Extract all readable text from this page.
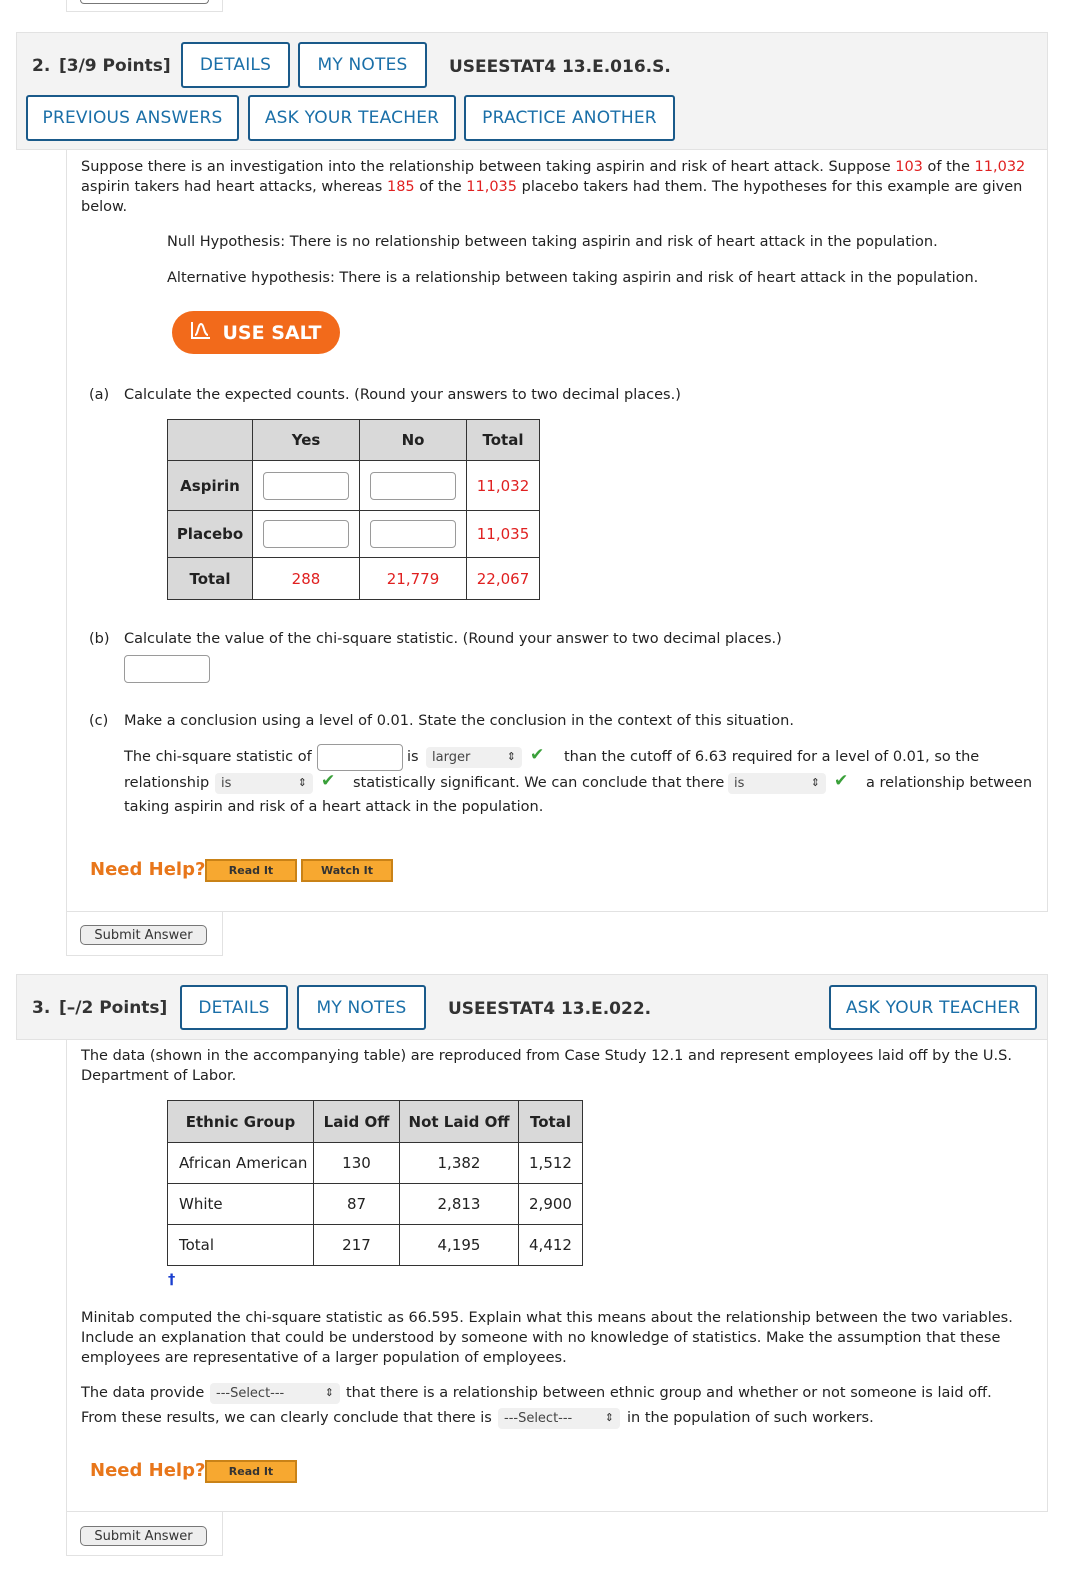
2. [3/9 Points]	DETAILS	MY NOTES	USEESTAT4 13.E.016.S.
PREVIOUS ANSWERS	ASK YOUR TEACHER	PRACTICE ANOTHER
Suppose there is an investigation into the relationship between taking aspirin and risk of heart attack. Suppose 103 of the 11,032
aspirin takers had heart attacks, whereas 185 of the 11,035 placebo takers had them. The hypotheses for this example are given
below.
Null Hypothesis: There is no relationship between taking aspirin and risk of heart attack in the population.
Alternative hypothesis: There is a relationship between taking aspirin and risk of heart attack in the population.
USE SALT
(a) Calculate the expected counts. (Round your answers to two decimal places.)
	Yes	No	Total
Aspirin			11,032
Placebo			11,035
Total	288	21,779	22,067
(b) Calculate the value of the chi-square statistic. (Round your answer to two decimal places.)
(c) Make a conclusion using a level of 0.01. State the conclusion in the context of this situation.
The chi-square statistic of	is larger	⇕ ✔ than the cutoff of 6.63 required for a level of 0.01, so the
relationship is	⇕ ✔ statistically significant. We can conclude that there is	⇕ ✔ a relationship between
taking aspirin and risk of a heart attack in the population.
Need Help?	Read It	Watch It
Submit Answer
3. [–/2 Points]	DETAILS	MY NOTES	USEESTAT4 13.E.022.	ASK YOUR TEACHER
The data (shown in the accompanying table) are reproduced from Case Study 12.1 and represent employees laid off by the U.S.
Department of Labor.
Ethnic Group	Laid Off	Not Laid Off	Total
African American	130	1,382	1,512
White	87	2,813	2,900
Total	217	4,195	4,412
†
Minitab computed the chi-square statistic as 66.595. Explain what this means about the relationship between the two variables.
Include an explanation that could be understood by someone with no knowledge of statistics. Make the assumption that these
employees are representative of a larger population of employees.
The data provide ---Select---	⇕ that there is a relationship between ethnic group and whether or not someone is laid off.
From these results, we can clearly conclude that there is ---Select---	⇕ in the population of such workers.
Need Help?	Read It
Submit Answer
